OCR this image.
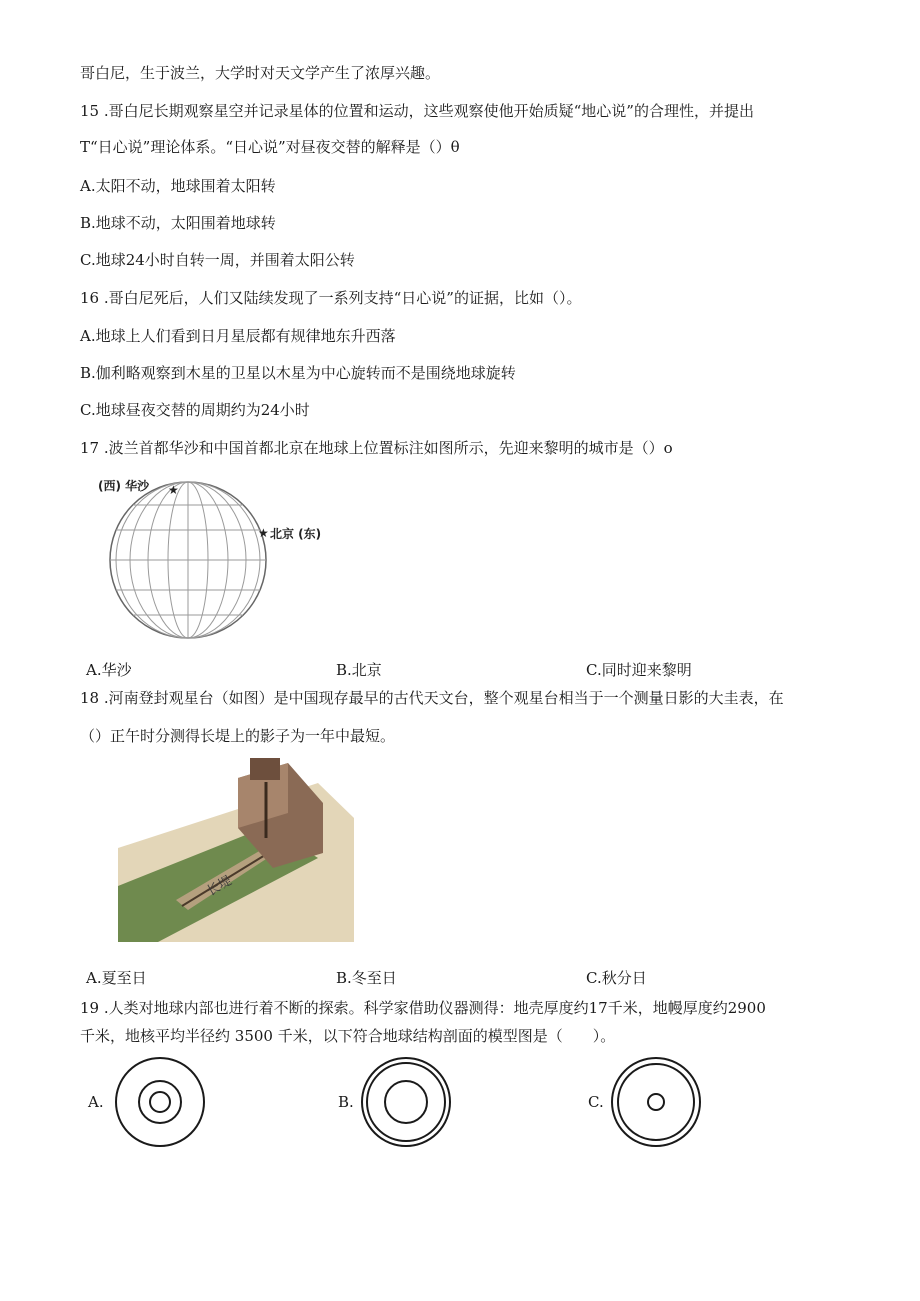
哥白尼，生于波兰，大学时对天文学产生了浓厚兴趣。
15 .哥白尼长期观察星空并记录星体的位置和运动，这些观察使他开始质疑“地心说”的合理性，并提出
T“日心说”理论体系。“日心说”对昼夜交替的解释是（）θ
A.太阳不动，地球围着太阳转
B.地球不动，太阳围着地球转
C.地球24小时自转一周，并围着太阳公转
16 .哥白尼死后，人们又陆续发现了一系列支持“日心说”的证据，比如（）。
A.地球上人们看到日月星辰都有规律地东升西落
B.伽利略观察到木星的卫星以木星为中心旋转而不是围绕地球旋转
C.地球昼夜交替的周期约为24小时
17 .波兰首都华沙和中国首都北京在地球上位置标注如图所示，先迎来黎明的城市是（）o
(西) 华沙 ★
★ 北京 (东)
A.华沙	B.北京	C.同时迎来黎明
18 .河南登封观星台（如图）是中国现存最早的古代天文台，整个观星台相当于一个测量日影的大圭表，在
（）正午时分测得长堤上的影子为一年中最短。
长堤
A.夏至日	B.冬至日	C.秋分日
19 .人类对地球内部也进行着不断的探索。科学家借助仪器测得：地壳厚度约17千米，地幔厚度约2900
千米，地核平均半径约 3500 千米，以下符合地球结构剖面的模型图是（　　）。
A.	B.	C.
